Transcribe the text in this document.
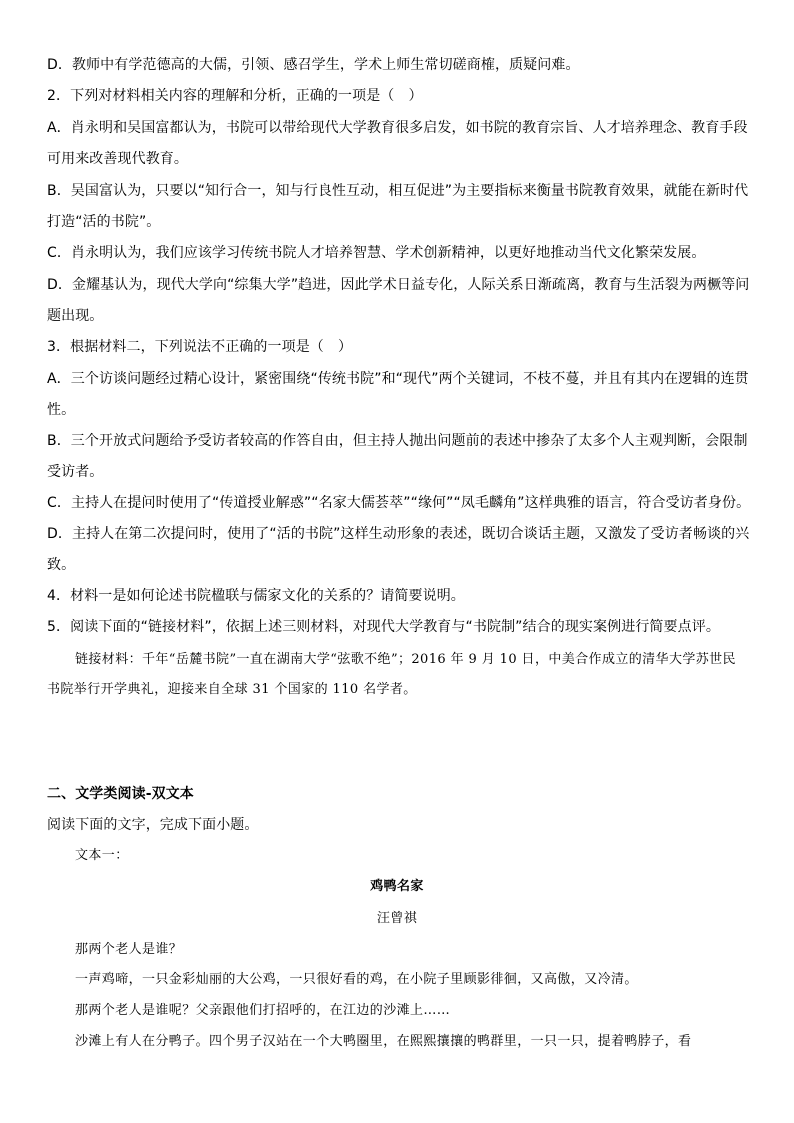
D．教师中有学范德高的大儒，引领、感召学生，学术上师生常切磋商榷，质疑问难。
2．下列对材料相关内容的理解和分析，正确的一项是（　）
A．肖永明和吴国富都认为，书院可以带给现代大学教育很多启发，如书院的教育宗旨、人才培养理念、教育手段
可用来改善现代教育。
B．吴国富认为，只要以“知行合一，知与行良性互动，相互促进”为主要指标来衡量书院教育效果，就能在新时代
打造“活的书院”。
C．肖永明认为，我们应该学习传统书院人才培养智慧、学术创新精神，以更好地推动当代文化繁荣发展。
D．金耀基认为，现代大学向“综集大学”趋进，因此学术日益专化，人际关系日渐疏离，教育与生活裂为两橛等问
题出现。
3．根据材料二，下列说法不正确的一项是（　）
A．三个访谈问题经过精心设计，紧密围绕“传统书院”和“现代”两个关键词，不枝不蔓，并且有其内在逻辑的连贯
性。
B．三个开放式问题给予受访者较高的作答自由，但主持人抛出问题前的表述中掺杂了太多个人主观判断，会限制
受访者。
C．主持人在提问时使用了“传道授业解惑”“名家大儒荟萃”“缘何”“凤毛麟角”这样典雅的语言，符合受访者身份。
D．主持人在第二次提问时，使用了“活的书院”这样生动形象的表述，既切合谈话主题，又激发了受访者畅谈的兴
致。
4．材料一是如何论述书院楹联与儒家文化的关系的？请简要说明。
5．阅读下面的“链接材料”，依据上述三则材料，对现代大学教育与“书院制”结合的现实案例进行简要点评。
链接材料：千年“岳麓书院”一直在湖南大学“弦歌不绝”；2016 年 9 月 10 日，中美合作成立的清华大学苏世民
书院举行开学典礼，迎接来自全球 31 个国家的 110 名学者。
二、文学类阅读-双文本
阅读下面的文字，完成下面小题。
文本一：
鸡鸭名家
汪曾祺
那两个老人是谁？
一声鸡啼，一只金彩灿丽的大公鸡，一只很好看的鸡，在小院子里顾影徘徊，又高傲，又冷清。
那两个老人是谁呢？父亲跟他们打招呼的，在江边的沙滩上……
沙滩上有人在分鸭子。四个男子汉站在一个大鸭圈里，在熙熙攘攘的鸭群里，一只一只，提着鸭脖子，看
